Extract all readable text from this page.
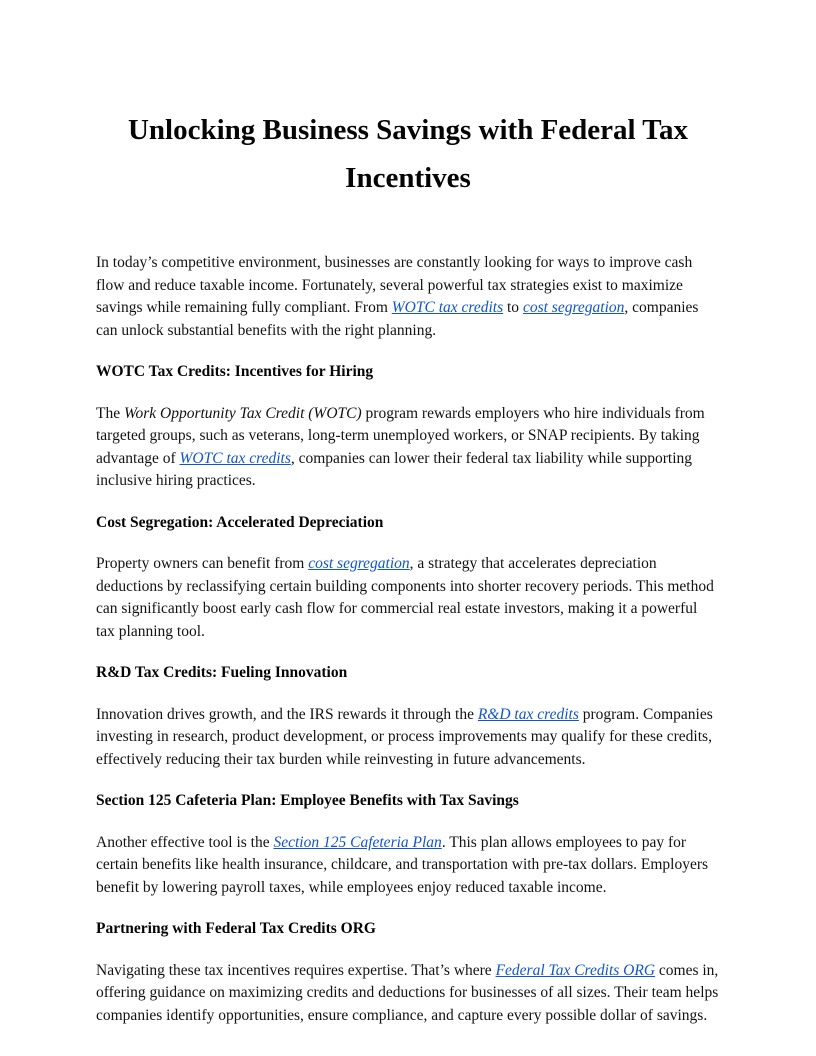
Unlocking Business Savings with Federal Tax Incentives

In today’s competitive environment, businesses are constantly looking for ways to improve cash flow and reduce taxable income. Fortunately, several powerful tax strategies exist to maximize savings while remaining fully compliant. From WOTC tax credits to cost segregation, companies can unlock substantial benefits with the right planning.

WOTC Tax Credits: Incentives for Hiring

The Work Opportunity Tax Credit (WOTC) program rewards employers who hire individuals from targeted groups, such as veterans, long-term unemployed workers, or SNAP recipients. By taking advantage of WOTC tax credits, companies can lower their federal tax liability while supporting inclusive hiring practices.

Cost Segregation: Accelerated Depreciation

Property owners can benefit from cost segregation, a strategy that accelerates depreciation deductions by reclassifying certain building components into shorter recovery periods. This method can significantly boost early cash flow for commercial real estate investors, making it a powerful tax planning tool.

R&D Tax Credits: Fueling Innovation

Innovation drives growth, and the IRS rewards it through the R&D tax credits program. Companies investing in research, product development, or process improvements may qualify for these credits, effectively reducing their tax burden while reinvesting in future advancements.

Section 125 Cafeteria Plan: Employee Benefits with Tax Savings

Another effective tool is the Section 125 Cafeteria Plan. This plan allows employees to pay for certain benefits like health insurance, childcare, and transportation with pre-tax dollars. Employers benefit by lowering payroll taxes, while employees enjoy reduced taxable income.

Partnering with Federal Tax Credits ORG

Navigating these tax incentives requires expertise. That’s where Federal Tax Credits ORG comes in, offering guidance on maximizing credits and deductions for businesses of all sizes. Their team helps companies identify opportunities, ensure compliance, and capture every possible dollar of savings.
